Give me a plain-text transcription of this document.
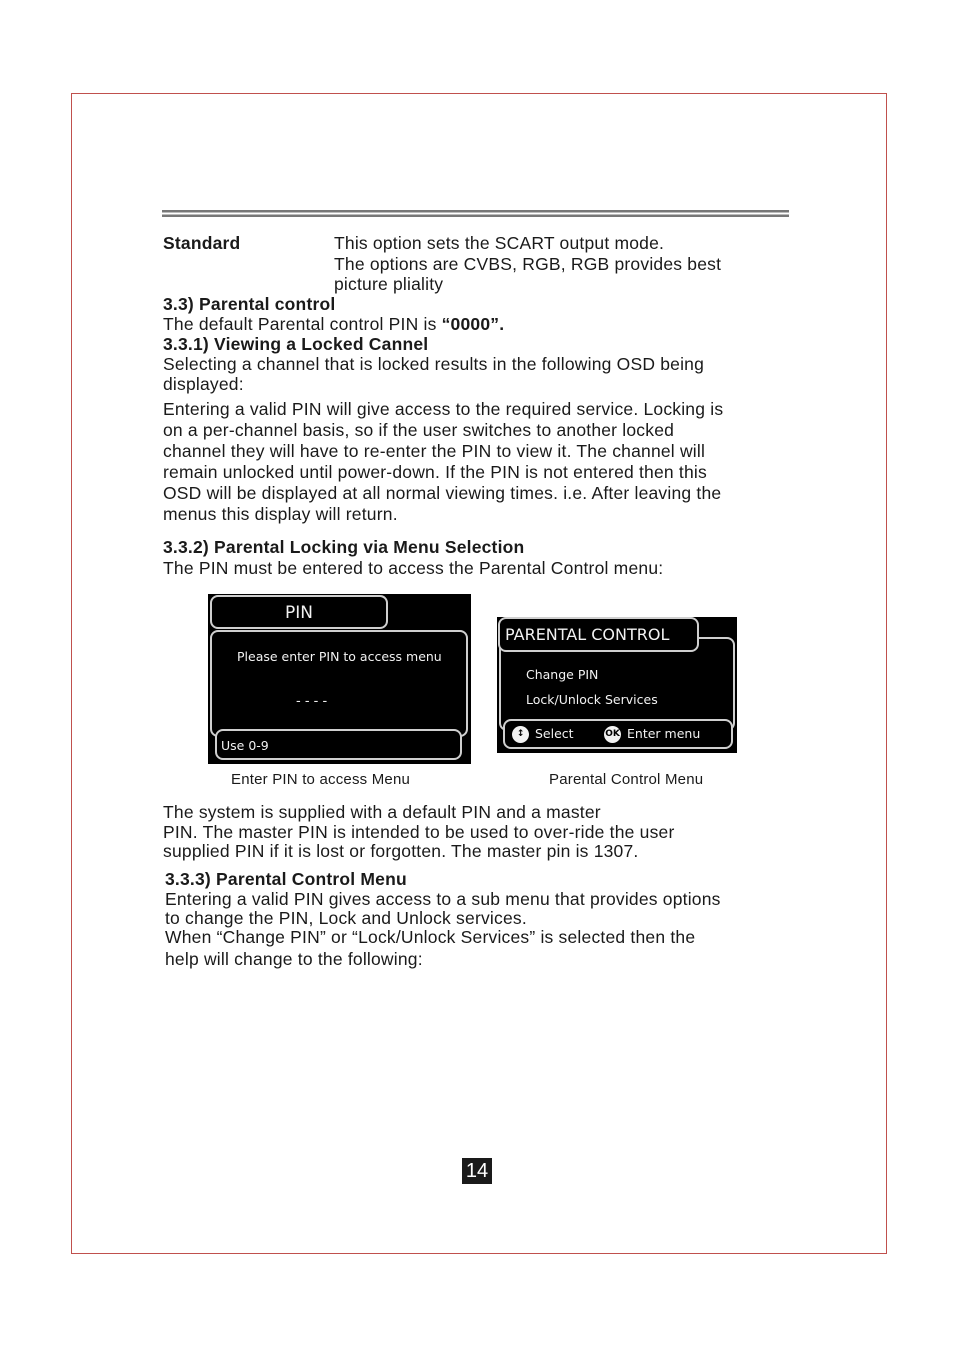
Standard	This option sets the SCART output mode.
The options are CVBS, RGB, RGB provides best
picture pliality
3.3) Parental control
The default Parental control PIN is “0000”.
3.3.1) Viewing a Locked Cannel
Selecting a channel that is locked results in the following OSD being
displayed:
Entering a valid PIN will give access to the required service. Locking is
on a per-channel basis, so if the user switches to another locked
channel they will have to re-enter the PIN to view it. The channel will
remain unlocked until power-down. If the PIN is not entered then this
OSD will be displayed at all normal viewing times. i.e. After leaving the
menus this display will return.
3.3.2) Parental Locking via Menu Selection
The PIN must be entered to access the Parental Control menu:
PIN
Please enter PIN to access menu
- - - -
Use 0-9
Enter PIN to access Menu
PARENTAL CONTROL
Change PIN
Lock/Unlock Services
↕ Select	OK Enter menu
Parental Control Menu
The system is supplied with a default PIN and a master
PIN. The master PIN is intended to be used to over-ride the user
supplied PIN if it is lost or forgotten. The master pin is 1307.
3.3.3) Parental Control Menu
Entering a valid PIN gives access to a sub menu that provides options
to change the PIN, Lock and Unlock services.
When “Change PIN” or “Lock/Unlock Services” is selected then the
help will change to the following:
14
